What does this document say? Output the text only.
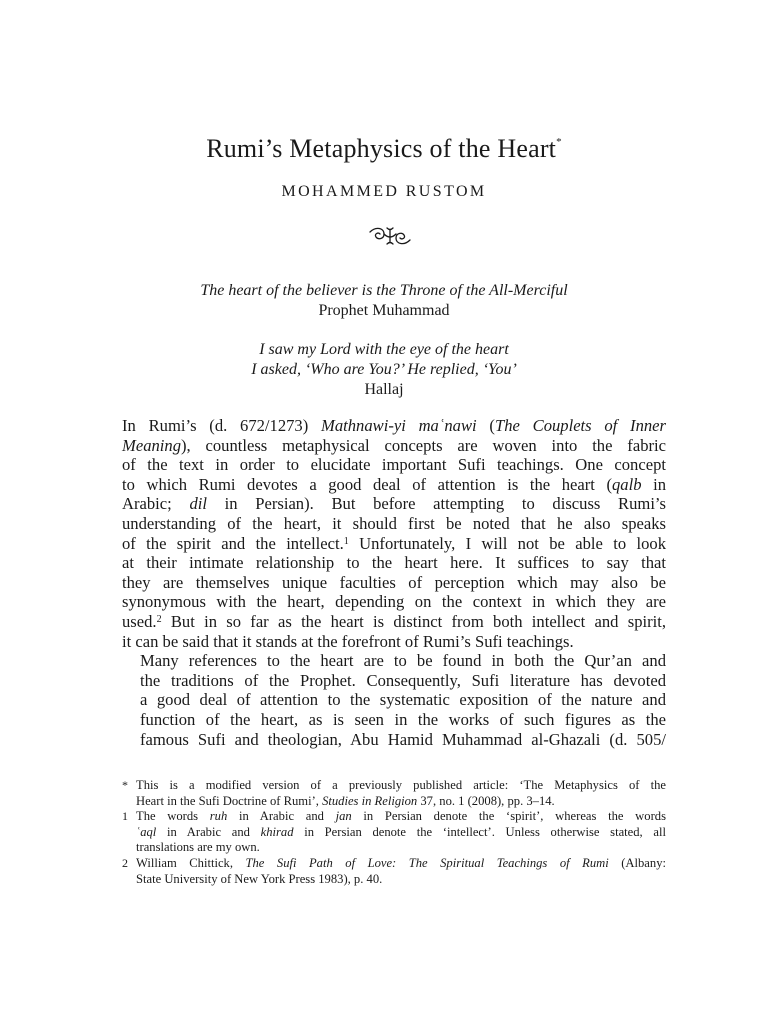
Rumi’s Metaphysics of the Heart*
MOHAMMED RUSTOM
The heart of the believer is the Throne of the All-Merciful
Prophet Muhammad
I saw my Lord with the eye of the heart
I asked, ‘Who are You?’ He replied, ‘You’
Hallaj

In Rumi’s (d. 672/1273) Mathnawi-yi maʿnawi (The Couplets of Inner
Meaning), countless metaphysical concepts are woven into the fabric
of the text in order to elucidate important Sufi teachings. One concept
to which Rumi devotes a good deal of attention is the heart (qalb in
Arabic; dil in Persian). But before attempting to discuss Rumi’s
understanding of the heart, it should first be noted that he also speaks
of the spirit and the intellect.$^1$ Unfortunately, I will not be able to look
at their intimate relationship to the heart here. It suffices to say that
they are themselves unique faculties of perception which may also be
synonymous with the heart, depending on the context in which they are
used.$^2$ But in so far as the heart is distinct from both intellect and spirit,
it can be said that it stands at the forefront of Rumi’s Sufi teachings.

Many references to the heart are to be found in both the Qur’an and
the traditions of the Prophet. Consequently, Sufi literature has devoted
a good deal of attention to the systematic exposition of the nature and
function of the heart, as is seen in the works of such figures as the
famous Sufi and theologian, Abu Hamid Muhammad al-Ghazali (d. 505/

* This is a modified version of a previously published article: ‘The Metaphysics of the
Heart in the Sufi Doctrine of Rumi’, Studies in Religion 37, no. 1 (2008), pp. 3–14.
1 The words ruh in Arabic and jan in Persian denote the ‘spirit’, whereas the words
ʿaql in Arabic and khirad in Persian denote the ‘intellect’. Unless otherwise stated, all
translations are my own.
2 William Chittick, The Sufi Path of Love: The Spiritual Teachings of Rumi (Albany:
State University of New York Press 1983), p. 40.
